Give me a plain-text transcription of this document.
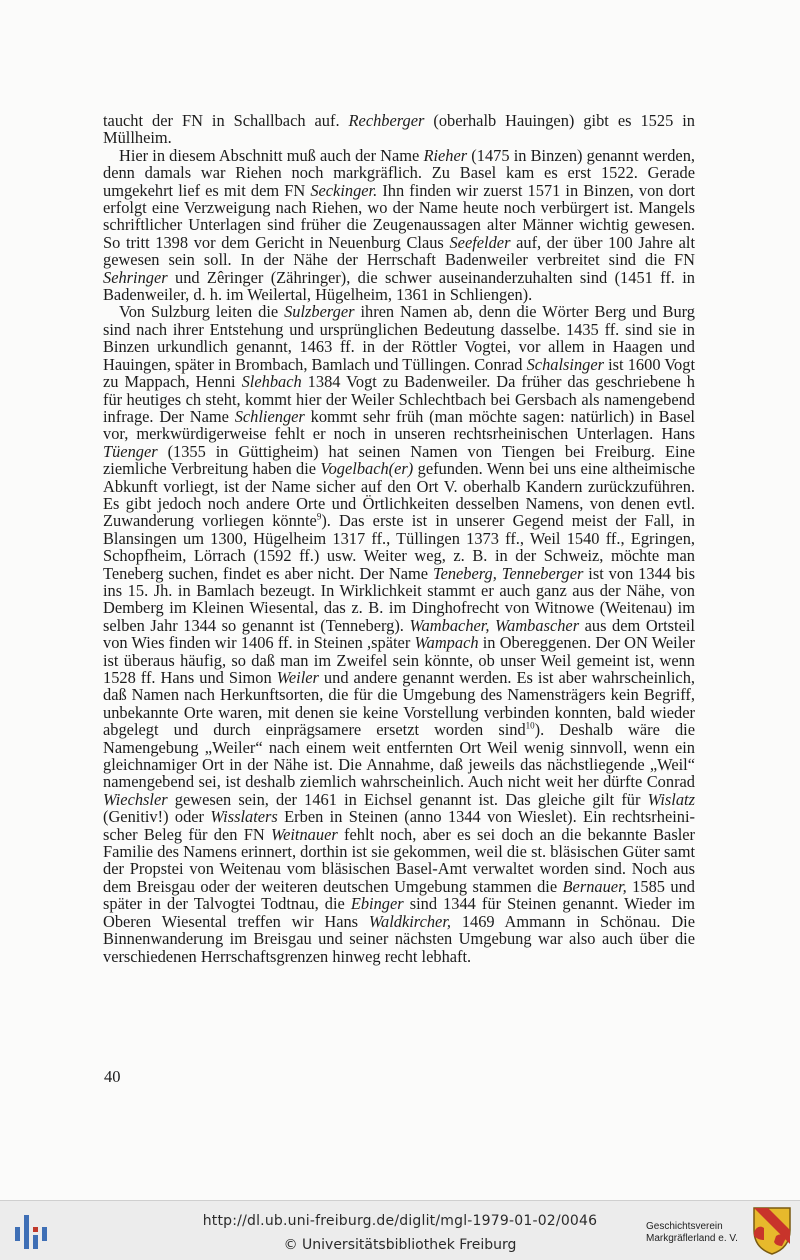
taucht der FN in Schallbach auf. Rechberger (oberhalb Hauingen) gibt es 1525 in Müllheim.

Hier in diesem Abschnitt muß auch der Name Rieher (1475 in Binzen) genannt werden, denn damals war Riehen noch markgräflich. Zu Basel kam es erst 1522. Gerade umgekehrt lief es mit dem FN Seckinger. Ihn finden wir zuerst 1571 in Binzen, von dort erfolgt eine Verzweigung nach Riehen, wo der Name heute noch verbürgert ist. Mangels schriftlicher Unterlagen sind früher die Zeugenaussagen alter Männer wichtig gewesen. So tritt 1398 vor dem Gericht in Neuenburg Claus Seefelder auf, der über 100 Jahre alt gewesen sein soll. In der Nähe der Herrschaft Badenweiler verbreitet sind die FN Sehringer und Zêringer (Zähringer), die schwer auseinanderzuhalten sind (1451 ff. in Badenweiler, d. h. im Weilertal, Hügelheim, 1361 in Schliengen).

Von Sulzburg leiten die Sulzberger ihren Namen ab, denn die Wörter Berg und Burg sind nach ihrer Entstehung und ursprünglichen Bedeutung dasselbe. 1435 ff. sind sie in Binzen urkundlich genannt, 1463 ff. in der Röttler Vogtei, vor allem in Haagen und Hauingen, später in Brombach, Bamlach und Tüllingen. Conrad Schalsinger ist 1600 Vogt zu Mappach, Henni Slehbach 1384 Vogt zu Badenweiler. Da früher das geschriebene h für heutiges ch steht, kommt hier der Weiler Schlechtbach bei Gersbach als namengebend infrage. Der Name Schlienger kommt sehr früh (man möchte sagen: natürlich) in Basel vor, merkwürdigerweise fehlt er noch in unseren rechtsrheinischen Unterlagen. Hans Tüenger (1355 in Güttigheim) hat seinen Namen von Tiengen bei Freiburg. Eine ziemliche Verbreitung haben die Vogelbach(er) gefunden. Wenn bei uns eine altheimische Abkunft vorliegt, ist der Name sicher auf den Ort V. oberhalb Kandern zurückzuführen. Es gibt jedoch noch andere Orte und Örtlichkeiten desselben Namens, von denen evtl. Zuwanderung vorliegen könnte$^9$). Das erste ist in unserer Gegend meist der Fall, in Blansingen um 1300, Hügelheim 1317 ff., Tüllingen 1373 ff., Weil 1540 ff., Egringen, Schopfheim, Lörrach (1592 ff.) usw. Weiter weg, z. B. in der Schweiz, möchte man Teneberg suchen, findet es aber nicht. Der Name Teneberg, Tenneberger ist von 1344 bis ins 15. Jh. in Bamlach bezeugt. In Wirklichkeit stammt er auch ganz aus der Nähe, von Demberg im Kleinen Wiesental, das z. B. im Dinghofrecht von Witnowe (Weitenau) im selben Jahr 1344 so genannt ist (Tenneberg). Wambacher, Wambascher aus dem Ortsteil von Wies finden wir 1406 ff. in Steinen ,später Wampach in Obereggenen. Der ON Weiler ist überaus häufig, so daß man im Zweifel sein könnte, ob unser Weil gemeint ist, wenn 1528 ff. Hans und Simon Weiler und andere genannt werden. Es ist aber wahrscheinlich, daß Namen nach Herkunftsorten, die für die Umgebung des Namensträgers kein Begriff, unbekannte Orte waren, mit denen sie keine Vorstellung verbinden konnten, bald wieder abgelegt und durch einprägsamere ersetzt worden sind$^{10}$). Deshalb wäre die Namengebung „Weiler“ nach einem weit entfernten Ort Weil wenig sinnvoll, wenn ein gleichnamiger Ort in der Nähe ist. Die Annahme, daß jeweils das nächstliegende „Weil“ namengebend sei, ist deshalb ziemlich wahrscheinlich. Auch nicht weit her dürfte Conrad Wiechsler gewesen sein, der 1461 in Eichsel genannt ist. Das gleiche gilt für Wislatz (Genitiv!) oder Wisslaters Erben in Steinen (anno 1344 von Wieslet). Ein rechtsrheinischer Beleg für den FN Weitnauer fehlt noch, aber es sei doch an die bekannte Basler Familie des Namens erinnert, dorthin ist sie gekommen, weil die st. bläsischen Güter samt der Propstei von Weitenau vom bläsischen Basel-Amt verwaltet worden sind. Noch aus dem Breisgau oder der weiteren deutschen Umgebung stammen die Bernauer, 1585 und später in der Talvogtei Todtnau, die Ebinger sind 1344 für Steinen genannt. Wieder im Oberen Wiesental treffen wir Hans Waldkircher, 1469 Ammann in Schönau. Die Binnenwanderung im Breisgau und seiner nächsten Umgebung war also auch über die verschiedenen Herrschaftsgrenzen hinweg recht lebhaft.

40
http://dl.ub.uni-freiburg.de/diglit/mgl-1979-01-02/0046
© Universitätsbibliothek Freiburg
Geschichtsverein
Markgräflerland e. V.
